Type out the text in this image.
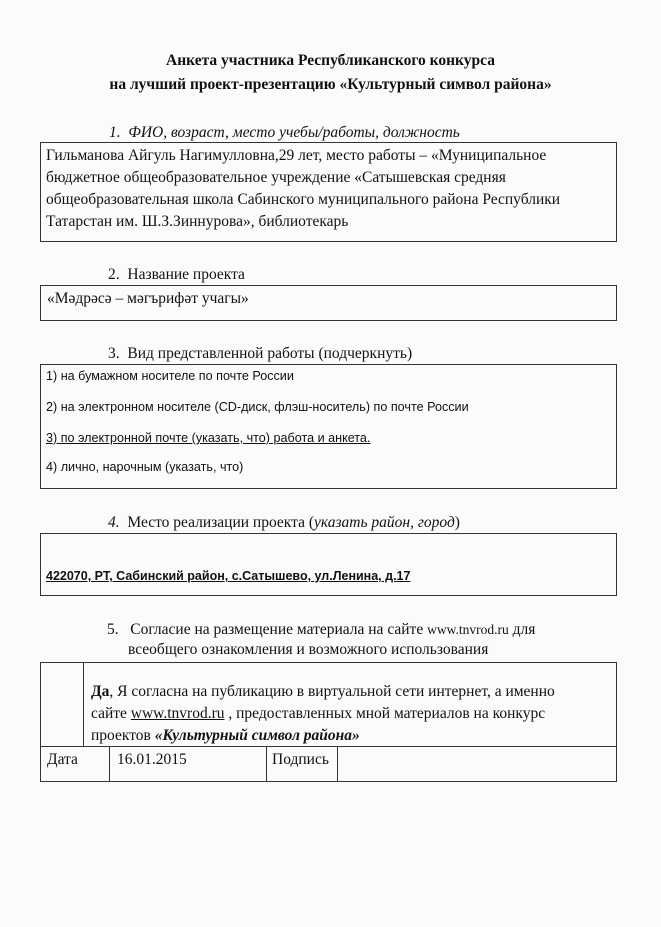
Анкета участника Республиканского конкурса
на лучший проект-презентацию «Культурный символ района»
1. ФИО, возраст, место учебы/работы, должность
Гильманова Айгуль Нагимулловна,29 лет, место работы – «Муниципальное
бюджетное общеобразовательное учреждение «Сатышевская средняя
общеобразовательная школа Сабинского муниципального района Республики
Татарстан им. Ш.З.Зиннурова», библиотекарь
2. Название проекта
«Мәдрәсә – мәгърифәт учагы»
3. Вид представленной работы (подчеркнуть)
1) на бумажном носителе по почте России
2) на электронном носителе (CD-диск, флэш-носитель) по почте России
3) по электронной почте (указать, что) работа и анкета.
4) лично, нарочным (указать, что)
4. Место реализации проекта (указать район, город)
422070, РТ, Сабинский район, с.Сатышево, ул.Ленина, д.17
5. Согласие на размещение материала на сайте www.tnvrod.ru для
всеобщего ознакомления и возможного использования
Да, Я согласна на публикацию в виртуальной сети интернет, а именно
сайте www.tnvrod.ru , предоставленных мной материалов на конкурс
проектов «Культурный символ района»
Дата	16.01.2015	Подпись
